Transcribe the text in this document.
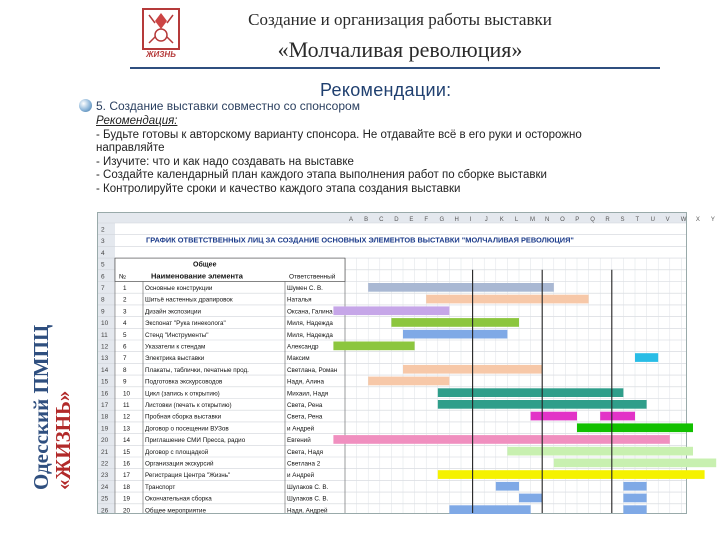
ЖИЗНЬ
Создание и организация работы выставки
«Молчаливая революция»
Рекомендации:
5. Создание выставки совместно со спонсором
Рекомендация:
- Будьте готовы к авторскому варианту спонсора. Не отдавайте всё в его руки и осторожно
направляйте
- Изучите: что и как надо создавать на выставке
- Создайте календарный план каждого этапа выполнения работ по сборке выставки
- Контролируйте сроки и качество каждого этапа создания выставки
Одесский ПМПЦ
«ЖИЗНЬ»
A B C D E F G H I J K L M N O P Q R S T U V W X Y
2
3
4
5
6
7
8
9
10
11
12
13
14
15
16
17
18
19
20
21
22
23
24
25
26
ГРАФИК ОТВЕТСТВЕННЫХ ЛИЦ ЗА СОЗДАНИЕ ОСНОВНЫХ ЭЛЕМЕНТОВ ВЫСТАВКИ "МОЛЧАЛИВАЯ РЕВОЛЮЦИЯ"
Общее
№	Наименование элемента	Ответственный
1	Основные конструкции	Шумен С. В.
2	Шитьё настенных драпировок	Наталья
3	Дизайн экспозиции	Оксана, Галина
4	Экспонат "Рука гинеколога"	Миля, Надежда
5	Стенд "Инструменты"	Миля, Надежда
6	Указатели к стендам	Александр
7	Электрика выставки	Максим
8	Плакаты, таблички, печатные прод.	Светлана, Роман
9	Подготовка экскурсоводов	Надя, Алина
10 Цикл (запись к открытию)	Михаил, Надя
11 Листовки (печать к открытию)	Света, Рена
12 Пробная сборка выставки	Света, Рена
13 Договор о посещении ВУЗов	и Андрей
14 Приглашение СМИ Пресса, радио	Евгений
15 Договор с площадкой	Света, Надя
16 Организация экскурсий	Светлана 2
17 Регистрация Центра "Жизнь"	и Андрей
18 Транспорт	Шулаков С. В.
19 Окончательная сборка	Шулаков С. В.
20 Общее мероприятие	Надя, Андрей
